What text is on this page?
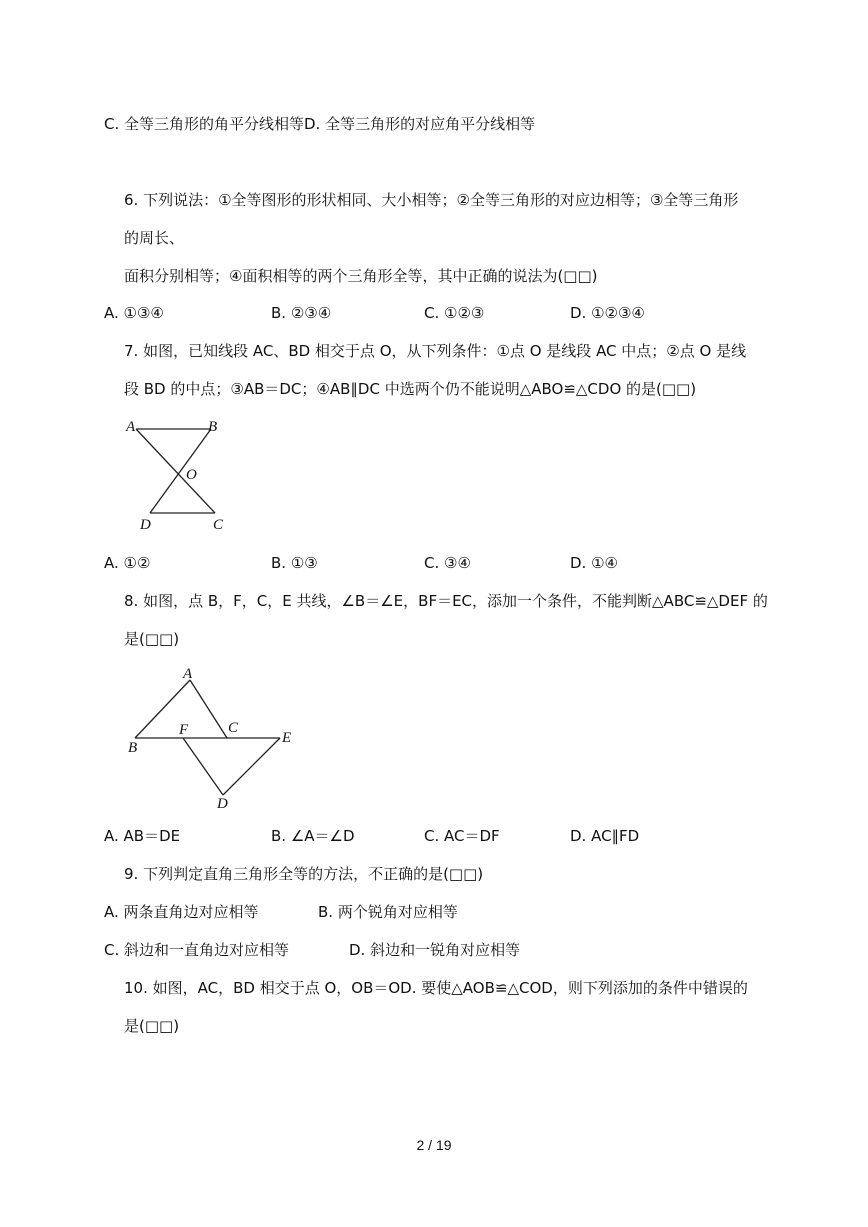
C. 全等三角形的角平分线相等D. 全等三角形的对应角平分线相等
6. 下列说法：①全等图形的形状相同、大小相等；②全等三角形的对应边相等；③全等三角形
的周长、
面积分别相等；④面积相等的两个三角形全等，其中正确的说法为(□□)
A. ①③④	B. ②③④	C. ①②③	D. ①②③④
7. 如图，已知线段 AC、BD 相交于点 O，从下列条件：①点 O 是线段 AC 中点；②点 O 是线
段 BD 的中点；③AB＝DC；④AB∥DC 中选两个仍不能说明△ABO≌△CDO 的是(□□)
A	B
O
D	C
A. ①②	B. ①③	C. ③④	D. ①④
8. 如图，点 B，F，C，E 共线，∠B＝∠E，BF＝EC，添加一个条件，不能判断△ABC≌△DEF 的
是(□□)
A
B
F	C
E
D
A. AB＝DE	B. ∠A＝∠D	C. AC＝DF	D. AC∥FD
9. 下列判定直角三角形全等的方法，不正确的是(□□)
A. 两条直角边对应相等	B. 两个锐角对应相等
C. 斜边和一直角边对应相等	D. 斜边和一锐角对应相等
10. 如图，AC，BD 相交于点 O，OB＝OD. 要使△AOB≌△COD，则下列添加的条件中错误的
是(□□)
2 / 19
